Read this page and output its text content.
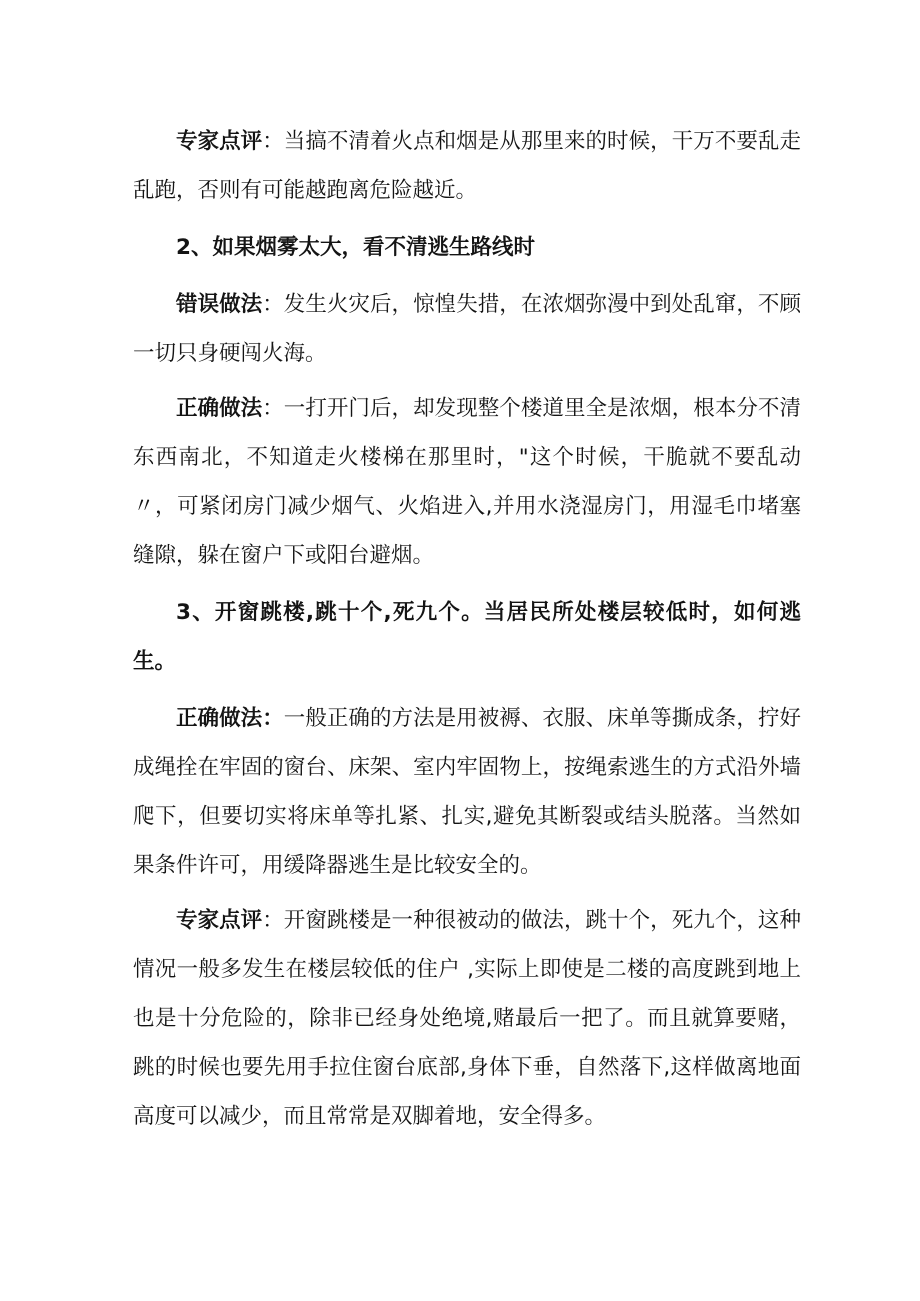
专家点评：当搞不清着火点和烟是从那里来的时候，干万不要乱走乱跑，否则有可能越跑离危险越近。

2、如果烟雾太大，看不清逃生路线时

错误做法：发生火灾后，惊惶失措，在浓烟弥漫中到处乱窜，不顾一切只身硬闯火海。

正确做法：一打开门后，却发现整个楼道里全是浓烟，根本分不清东西南北，不知道走火楼梯在那里时，"这个时候，干脆就不要乱动〃，可紧闭房门减少烟气、火焰进入,并用水浇湿房门，用湿毛巾堵塞缝隙，躲在窗户下或阳台避烟。

3、开窗跳楼,跳十个,死九个。当居民所处楼层较低时，如何逃生。

正确做法：一般正确的方法是用被褥、衣服、床单等撕成条，拧好成绳拴在牢固的窗台、床架、室内牢固物上，按绳索逃生的方式沿外墙爬下，但要切实将床单等扎紧、扎实,避免其断裂或结头脱落。当然如果条件许可，用缓降器逃生是比较安全的。

专家点评：开窗跳楼是一种很被动的做法，跳十个，死九个，这种情况一般多发生在楼层较低的住户 ,实际上即使是二楼的高度跳到地上也是十分危险的，除非已经身处绝境,赌最后一把了。而且就算要赌，跳的时候也要先用手拉住窗台底部,身体下垂，自然落下,这样做离地面高度可以减少，而且常常是双脚着地，安全得多。
